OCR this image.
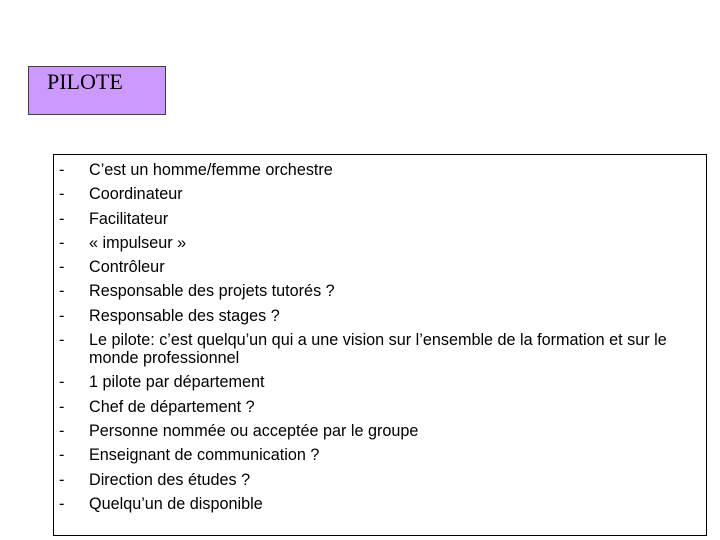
PILOTE
- C’est un homme/femme orchestre
- Coordinateur
- Facilitateur
- « impulseur »
- Contrôleur
- Responsable des projets tutorés ?
- Responsable des stages ?
- Le pilote: c’est quelqu’un qui a une vision sur l’ensemble de la formation et sur le monde professionnel
- 1 pilote par département
- Chef de département ?
- Personne nommée ou acceptée par le groupe
- Enseignant de communication ?
- Direction des études ?
- Quelqu’un de disponible
